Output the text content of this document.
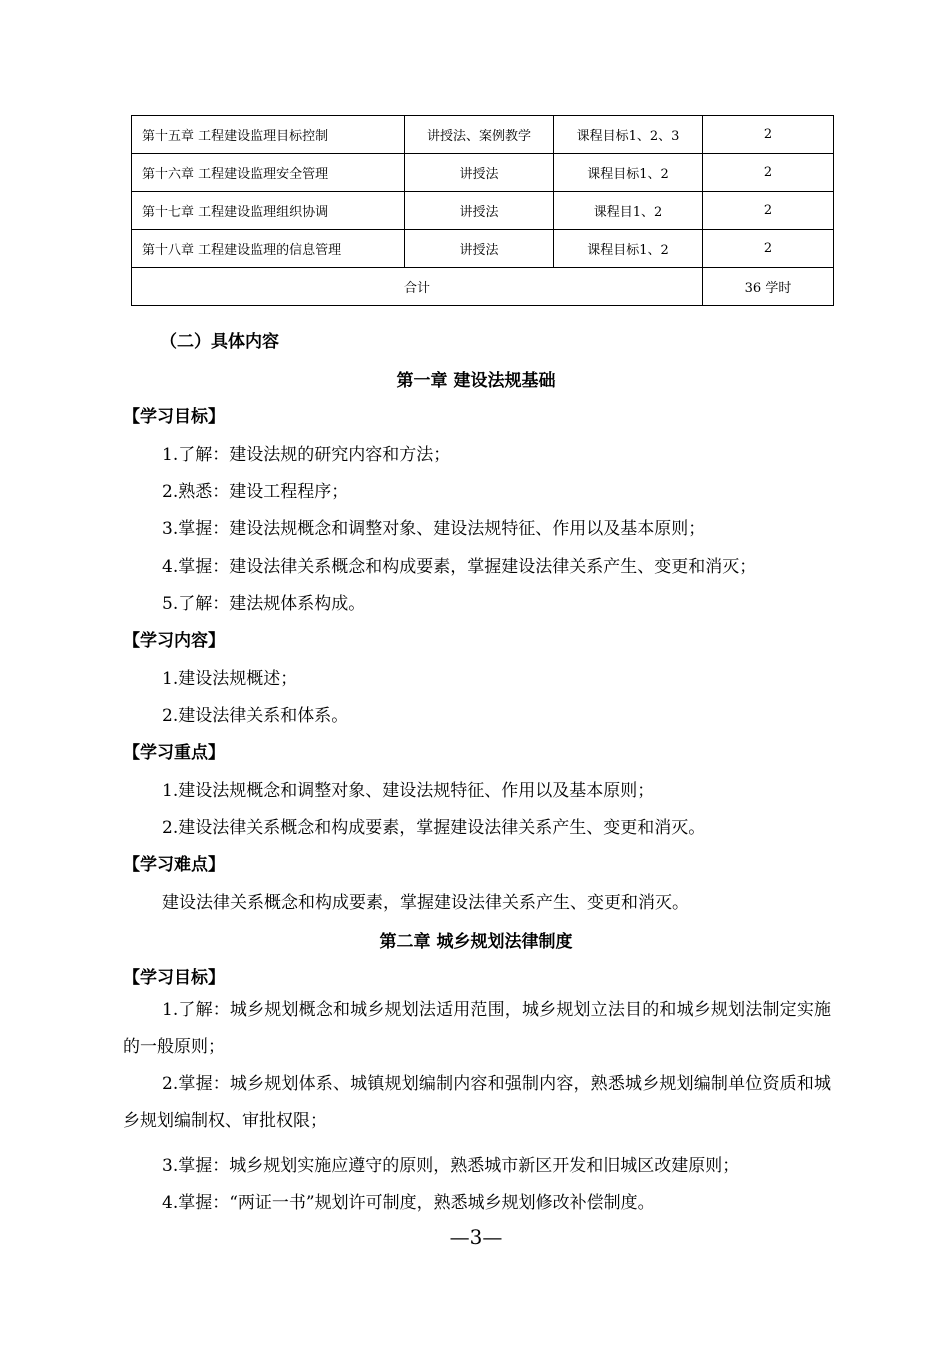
第十五章 工程建设监理目标控制	讲授法、案例教学	课程目标1、2、3	2
第十六章 工程建设监理安全管理	讲授法	课程目标1、2	2
第十七章 工程建设监理组织协调	讲授法	课程目1、2	2
第十八章 工程建设监理的信息管理	讲授法	课程目标1、2	2
合计			36 学时
（二）具体内容
第一章 建设法规基础
【学习目标】
1.了解：建设法规的研究内容和方法；
2.熟悉：建设工程程序；
3.掌握：建设法规概念和调整对象、建设法规特征、作用以及基本原则；
4.掌握：建设法律关系概念和构成要素，掌握建设法律关系产生、变更和消灭；
5.了解：建法规体系构成。
【学习内容】
1.建设法规概述；
2.建设法律关系和体系。
【学习重点】
1.建设法规概念和调整对象、建设法规特征、作用以及基本原则；
2.建设法律关系概念和构成要素，掌握建设法律关系产生、变更和消灭。
【学习难点】
建设法律关系概念和构成要素，掌握建设法律关系产生、变更和消灭。
第二章 城乡规划法律制度
【学习目标】
1.了解：城乡规划概念和城乡规划法适用范围，城乡规划立法目的和城乡规划法制定实施的一般原则；
2.掌握：城乡规划体系、城镇规划编制内容和强制内容，熟悉城乡规划编制单位资质和城乡规划编制权、审批权限；
3.掌握：城乡规划实施应遵守的原则，熟悉城市新区开发和旧城区改建原则；
4.掌握：“两证一书”规划许可制度，熟悉城乡规划修改补偿制度。
—3—
